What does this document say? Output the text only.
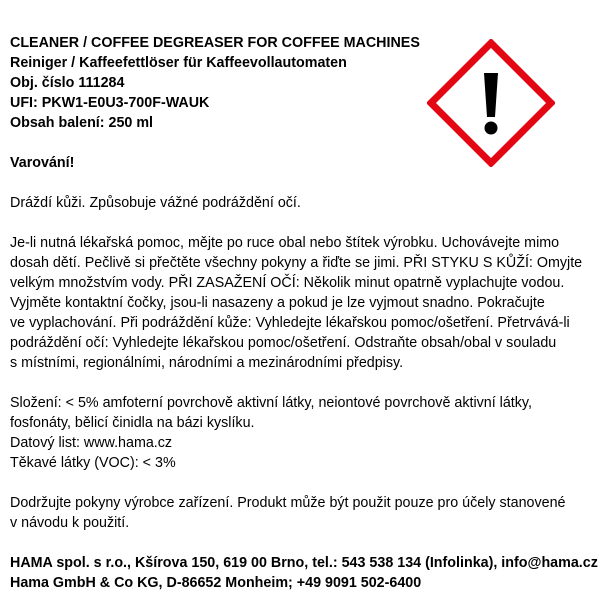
CLEANER / COFFEE DEGREASER FOR COFFEE MACHINES
Reiniger / Kaffeefettlöser für Kaffeevollautomaten
Obj. číslo 111284
UFI: PKW1-E0U3-700F-WAUK
Obsah balení: 250 ml
Varování!
Dráždí kůži. Způsobuje vážné podráždění očí.
Je-li nutná lékařská pomoc, mějte po ruce obal nebo štítek výrobku. Uchovávejte mimo
dosah dětí. Pečlivě si přečtěte všechny pokyny a řiďte se jimi. PŘI STYKU S KŮŽÍ: Omyjte
velkým množstvím vody. PŘI ZASAŽENÍ OČÍ: Několik minut opatrně vyplachujte vodou.
Vyjměte kontaktní čočky, jsou-li nasazeny a pokud je lze vyjmout snadno. Pokračujte
ve vyplachování. Při podráždění kůže: Vyhledejte lékařskou pomoc/ošetření. Přetrvává-li
podráždění očí: Vyhledejte lékařskou pomoc/ošetření. Odstraňte obsah/obal v souladu
s místními, regionálními, národními a mezinárodními předpisy.
Složení: < 5% amfoterní povrchově aktivní látky, neiontové povrchově aktivní látky,
fosfonáty, bělicí činidla na bázi kyslíku.
Datový list: www.hama.cz
Těkavé látky (VOC): < 3%
Dodržujte pokyny výrobce zařízení. Produkt může být použit pouze pro účely stanovené
v návodu k použití.
HAMA spol. s r.o., Kšírova 150, 619 00 Brno, tel.: 543 538 134 (Infolinka), info@hama.cz
Hama GmbH & Co KG, D-86652 Monheim; +49 9091 502-6400
